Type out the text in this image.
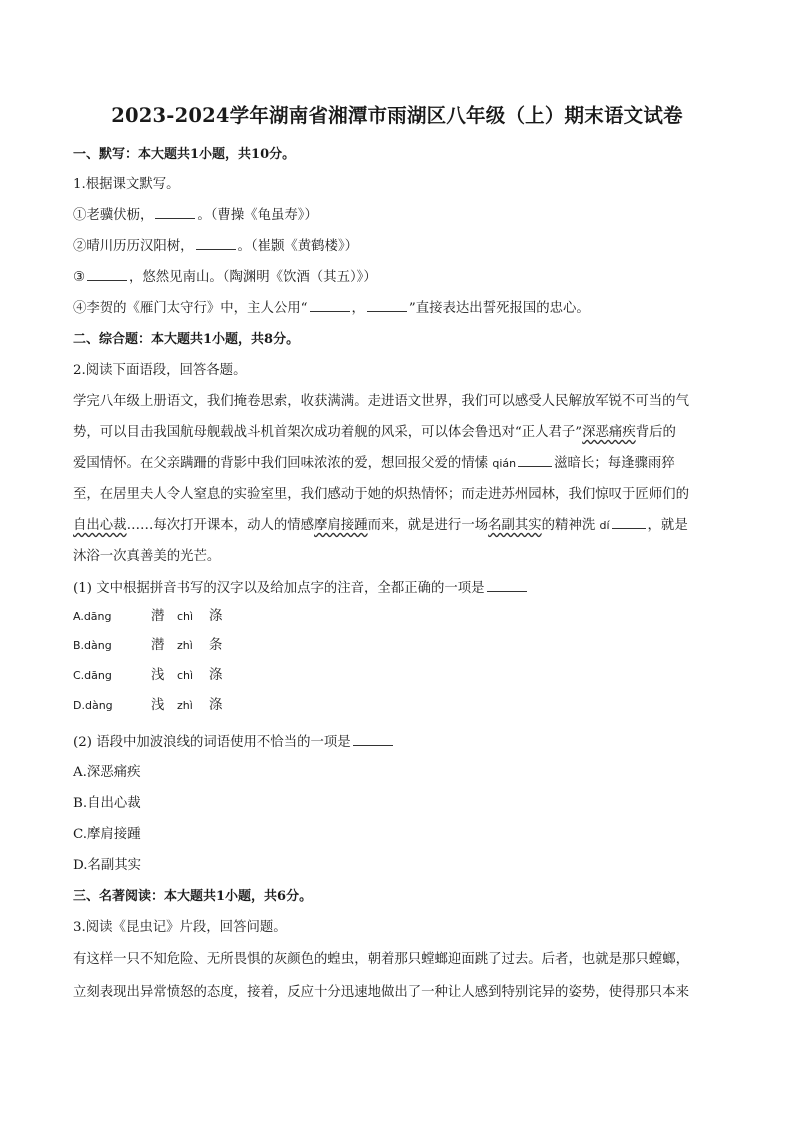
2023-2024学年湖南省湘潭市雨湖区八年级（上）期末语文试卷
一、默写：本大题共1小题，共10分。
1.根据课文默写。
①老骥伏枥，	。（曹操《龟虽寿》）
②晴川历历汉阳树，	。（崔颢《黄鹤楼》）
③	，悠然见南山。（陶渊明《饮酒（其五）》）
④李贺的《雁门太守行》中，主人公用“	，	”直接表达出誓死报国的忠心。
二、综合题：本大题共1小题，共8分。
2.阅读下面语段，回答各题。
学完八年级上册语文，我们掩卷思索，收获满满。走进语文世界，我们可以感受人民解放军锐不可当的气
势，可以目击我国航母舰载战斗机首架次成功着舰的风采，可以体会鲁迅对“正人君子”深恶痛疾背后的
爱国情怀。在父亲蹒跚的背影中我们回味浓浓的爱，想回报父爱的情愫 qián	滋暗长；每逢骤雨猝
至，在居里夫人令人窒息的实验室里，我们感动于她的炽热情怀；而走进苏州园林，我们惊叹于匠师们的
自出心裁……每次打开课本，动人的情感摩肩接踵而来，就是进行一场名副其实的精神洗 dí	，就是
沐浴一次真善美的光芒。
(1) 文中根据拼音书写的汉字以及给加点字的注音，全都正确的一项是
A.dāng	潜 chì 涤
B.dàng	潜 zhì 条
C.dāng	浅 chì 涤
D.dàng	浅 zhì 涤
(2) 语段中加波浪线的词语使用不恰当的一项是
A.深恶痛疾
B.自出心裁
C.摩肩接踵
D.名副其实
三、名著阅读：本大题共1小题，共6分。
3.阅读《昆虫记》片段，回答问题。
有这样一只不知危险、无所畏惧的灰颜色的蝗虫，朝着那只螳螂迎面跳了过去。后者，也就是那只螳螂，
立刻表现出异常愤怒的态度，接着，反应十分迅速地做出了一种让人感到特别诧异的姿势，使得那只本来
